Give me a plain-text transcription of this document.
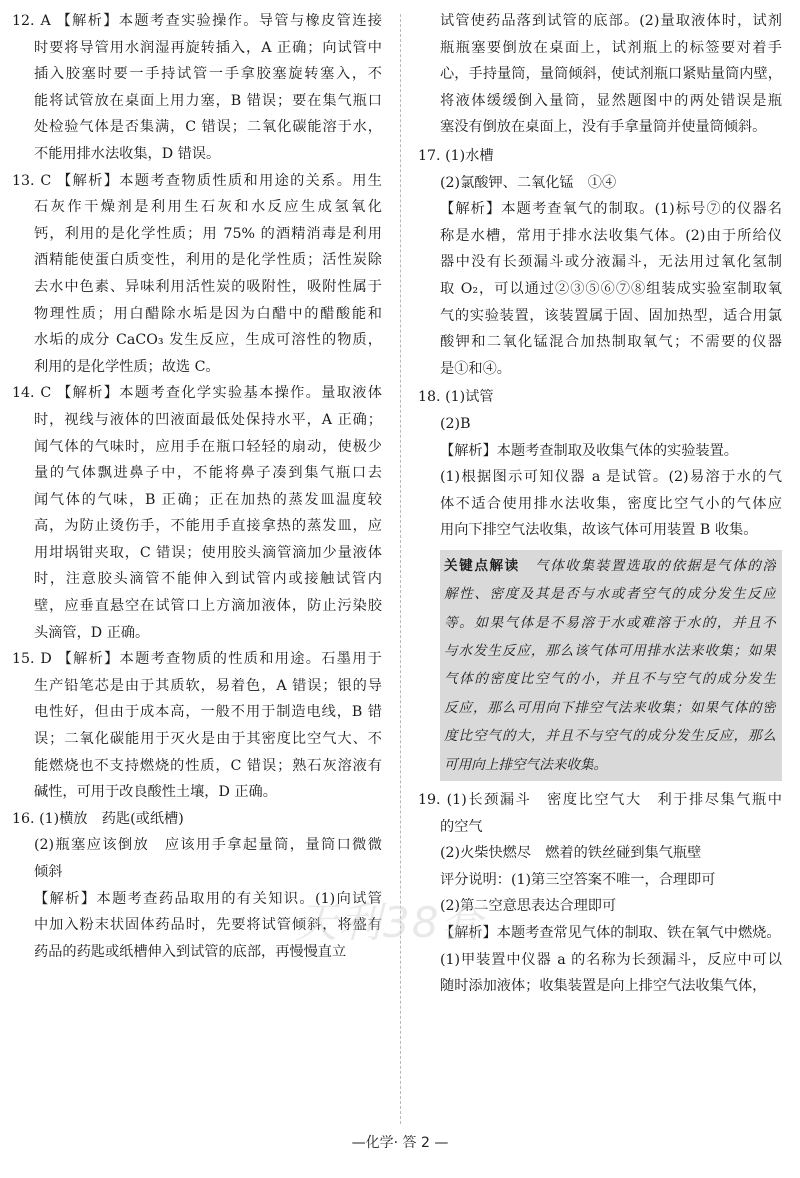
12. A 【解析】本题考查实验操作。导管与橡皮管连接
时要将导管用水润湿再旋转插入，A 正确；向试管中
插入胶塞时要一手持试管一手拿胶塞旋转塞入，不
能将试管放在桌面上用力塞，B 错误；要在集气瓶口
处检验气体是否集满，C 错误；二氧化碳能溶于水，
不能用排水法收集，D 错误。
13. C 【解析】本题考查物质性质和用途的关系。用生
石灰作干燥剂是利用生石灰和水反应生成氢氧化
钙，利用的是化学性质；用 75% 的酒精消毒是利用
酒精能使蛋白质变性，利用的是化学性质；活性炭除
去水中色素、异味利用活性炭的吸附性，吸附性属于
物理性质；用白醋除水垢是因为白醋中的醋酸能和
水垢的成分 CaCO₃ 发生反应，生成可溶性的物质，
利用的是化学性质；故选 C。
14. C 【解析】本题考查化学实验基本操作。量取液体
时，视线与液体的凹液面最低处保持水平，A 正确；
闻气体的气味时，应用手在瓶口轻轻的扇动，使极少
量的气体飘进鼻子中，不能将鼻子凑到集气瓶口去
闻气体的气味，B 正确；正在加热的蒸发皿温度较
高，为防止烫伤手，不能用手直接拿热的蒸发皿，应
用坩埚钳夹取，C 错误；使用胶头滴管滴加少量液体
时，注意胶头滴管不能伸入到试管内或接触试管内
壁，应垂直悬空在试管口上方滴加液体，防止污染胶
头滴管，D 正确。
15. D 【解析】本题考查物质的性质和用途。石墨用于
生产铅笔芯是由于其质软，易着色，A 错误；银的导
电性好，但由于成本高，一般不用于制造电线，B 错
误；二氧化碳能用于灭火是由于其密度比空气大、不
能燃烧也不支持燃烧的性质，C 错误；熟石灰溶液有
碱性，可用于改良酸性土壤，D 正确。
16. (1)横放　药匙(或纸槽)
(2)瓶塞应该倒放　应该用手拿起量筒，量筒口微微
倾斜
【解析】本题考查药品取用的有关知识。(1)向试管
中加入粉末状固体药品时，先要将试管倾斜，将盛有
药品的药匙或纸槽伸入到试管的底部，再慢慢直立
试管使药品落到试管的底部。(2)量取液体时，试剂
瓶瓶塞要倒放在桌面上，试剂瓶上的标签要对着手
心，手持量筒，量筒倾斜，使试剂瓶口紧贴量筒内壁，
将液体缓缓倒入量筒，显然题图中的两处错误是瓶
塞没有倒放在桌面上，没有手拿量筒并使量筒倾斜。
17. (1)水槽
(2)氯酸钾、二氧化锰　①④
【解析】本题考查氧气的制取。(1)标号⑦的仪器名
称是水槽，常用于排水法收集气体。(2)由于所给仪
器中没有长颈漏斗或分液漏斗，无法用过氧化氢制
取 O₂，可以通过②③⑤⑥⑦⑧组装成实验室制取氧
气的实验装置，该装置属于固、固加热型，适合用氯
酸钾和二氧化锰混合加热制取氧气；不需要的仪器
是①和④。
18. (1)试管
(2)B
【解析】本题考查制取及收集气体的实验装置。
(1)根据图示可知仪器 a 是试管。(2)易溶于水的气
体不适合使用排水法收集，密度比空气小的气体应
用向下排空气法收集，故该气体可用装置 B 收集。
关键点解读　气体收集装置选取的依据是气体的溶
解性、密度及其是否与水或者空气的成分发生反应
等。如果气体是不易溶于水或难溶于水的，并且不
与水发生反应，那么该气体可用排水法来收集；如果
气体的密度比空气的小，并且不与空气的成分发生
反应，那么可用向下排空气法来收集；如果气体的密
度比空气的大，并且不与空气的成分发生反应，那么
可用向上排空气法来收集。
19. (1)长颈漏斗　密度比空气大　利于排尽集气瓶中
的空气
(2)火柴快燃尽　燃着的铁丝碰到集气瓶壁
评分说明：(1)第三空答案不唯一，合理即可
(2)第二空意思表达合理即可
【解析】本题考查常见气体的制取、铁在氧气中燃烧。
(1)甲装置中仪器 a 的名称为长颈漏斗，反应中可以
随时添加液体；收集装置是向上排空气法收集气体，
天利38套
—化学· 答 2 —
